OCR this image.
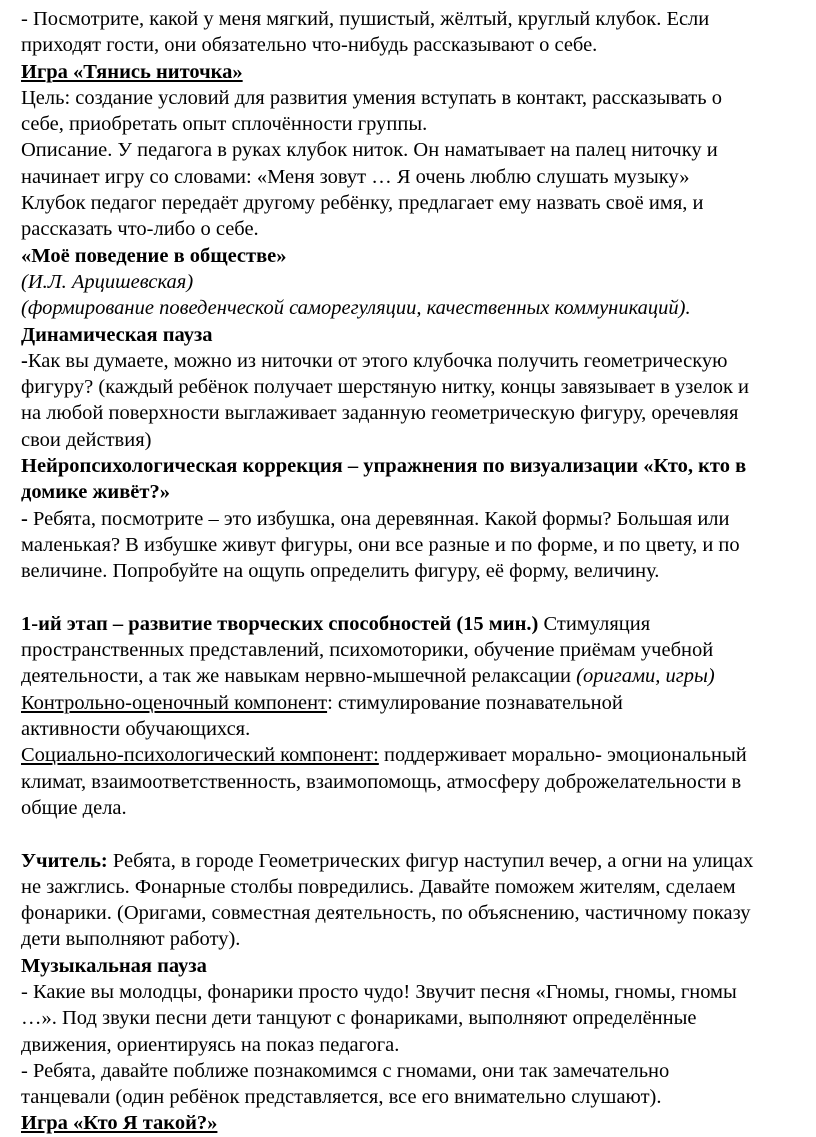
- Посмотрите, какой у меня мягкий, пушистый, жёлтый, круглый клубок. Если
приходят гости, они обязательно что-нибудь рассказывают о себе.
Игра «Тянись ниточка»
Цель: создание условий для развития умения вступать в контакт, рассказывать о
себе, приобретать опыт сплочённости группы.
Описание. У педагога в руках клубок ниток. Он наматывает на палец ниточку и
начинает игру со словами: «Меня зовут … Я очень люблю слушать музыку»
Клубок педагог передаёт другому ребёнку, предлагает ему назвать своё имя, и
рассказать что-либо о себе.
«Моё поведение в обществе»
(И.Л. Арцишевская)
(формирование поведенческой саморегуляции, качественных коммуникаций).
Динамическая пауза
-Как вы думаете, можно из ниточки от этого клубочка получить геометрическую
фигуру? (каждый ребёнок получает шерстяную нитку, концы завязывает в узелок и
на любой поверхности выглаживает заданную геометрическую фигуру, оречевляя
свои действия)
Нейропсихологическая коррекция – упражнения по визуализации «Кто, кто в
домике живёт?»
- Ребята, посмотрите – это избушка, она деревянная. Какой формы? Большая или
маленькая? В избушке живут фигуры, они все разные и по форме, и по цвету, и по
величине. Попробуйте на ощупь определить фигуру, её форму, величину.
1-ий этап – развитие творческих способностей (15 мин.) Стимуляция
пространственных представлений, психомоторики, обучение приёмам учебной
деятельности, а так же навыкам нервно-мышечной релаксации (оригами, игры)
Контрольно-оценочный компонент: стимулирование познавательной
активности обучающихся.
Социально-психологический компонент: поддерживает морально- эмоциональный
климат, взаимоответственность, взаимопомощь, атмосферу доброжелательности в
общие дела.
Учитель: Ребята, в городе Геометрических фигур наступил вечер, а огни на улицах
не зажглись. Фонарные столбы повредились. Давайте поможем жителям, сделаем
фонарики. (Оригами, совместная деятельность, по объяснению, частичному показу
дети выполняют работу).
Музыкальная пауза
- Какие вы молодцы, фонарики просто чудо! Звучит песня «Гномы, гномы, гномы
…». Под звуки песни дети танцуют с фонариками, выполняют определённые
движения, ориентируясь на показ педагога.
- Ребята, давайте поближе познакомимся с гномами, они так замечательно
танцевали (один ребёнок представляется, все его внимательно слушают).
Игра «Кто Я такой?»
